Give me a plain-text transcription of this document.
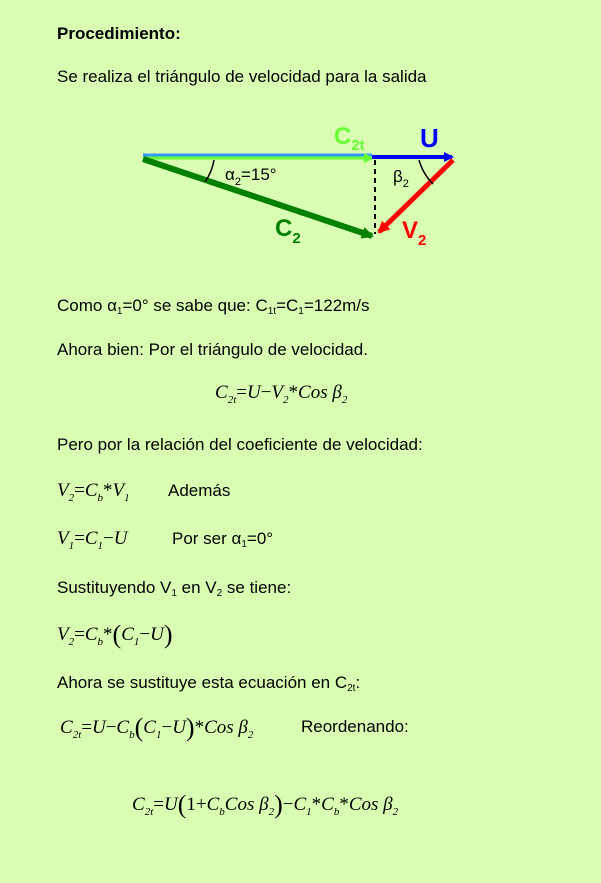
Procedimiento:
Se realiza el triángulo de velocidad para la salida
$C_{2t}$ U
$\alpha_2=15^\circ$	$\beta_2$
$C_2$	$V_2$
Como $\alpha_1=0^\circ$ se sabe que: $C_{1t}=C_1=122m/s$
Ahora bien: Por el triángulo de velocidad.
$C_{2t}=U-V_2*Cos$ $\beta_2$
Pero por la relación del coeficiente de velocidad:
$V_2=C_b*V_1$ Además
$V_1=C_1-U$	Por ser $\alpha_1=0^\circ$
Sustituyendo $V_1$ en $V_2$ se tiene:
$V_2=C_b*(C_1-U)$
Ahora se sustituye esta ecuación en $C_{2t}$:
$C_{2t}=U-C_b(C_1-U)*Cos$ $\beta_2$	Reordenando:
$C_{2t}=U(1+C_bCos$ $\beta_2)-C_1*C_b*Cos$ $\beta_2$
